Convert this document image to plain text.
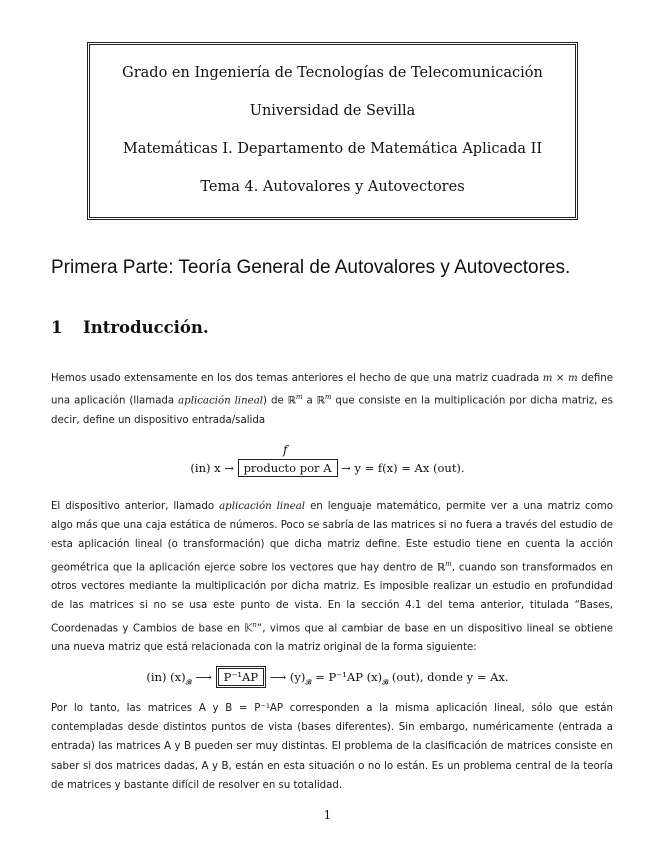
Grado en Ingeniería de Tecnologías de Telecomunicación
Universidad de Sevilla
Matemáticas I. Departamento de Matemática Aplicada II
Tema 4. Autovalores y Autovectores
Primera Parte: Teoría General de Autovalores y Autovectores.
1 Introducción.
Hemos usado extensamente en los dos temas anteriores el hecho de que una matriz cuadrada m × m define una aplicación (llamada aplicación lineal) de ℝ$^m$ a ℝ$^m$ que consiste en la multiplicación por dicha matriz, es decir, define un dispositivo entrada/salida
f
(in) x → producto por A → y = f(x) = Ax (out).
El dispositivo anterior, llamado aplicación lineal en lenguaje matemático, permite ver a una matriz como algo más que una caja estática de números. Poco se sabría de las matrices si no fuera a través del estudio de esta aplicación lineal (o transformación) que dicha matriz define. Este estudio tiene en cuenta la acción geométrica que la aplicación ejerce sobre los vectores que hay dentro de ℝ$^m$, cuando son transformados en otros vectores mediante la multiplicación por dicha matriz. Es imposible realizar un estudio en profundidad de las matrices si no se usa este punto de vista. En la sección 4.1 del tema anterior, titulada “Bases, Coordenadas y Cambios de base en 𝕂$^n$”, vimos que al cambiar de base en un dispositivo lineal se obtiene una nueva matriz que está relacionada con la matriz original de la forma siguiente:
(in) $(x)_𝓑$ ⟶ P⁻¹AP ⟶ $(y)_𝓑 = P^{-1}AP$ $(x)_𝓑$ (out), donde y = Ax.
Por lo tanto, las matrices A y B = P⁻¹AP corresponden a la misma aplicación lineal, sólo que están contempladas desde distintos puntos de vista (bases diferentes). Sin embargo, numéricamente (entrada a entrada) las matrices A y B pueden ser muy distintas. El problema de la clasificación de matrices consiste en saber si dos matrices dadas, A y B, están en esta situación o no lo están. Es un problema central de la teoría de matrices y bastante difícil de resolver en su totalidad.
1
